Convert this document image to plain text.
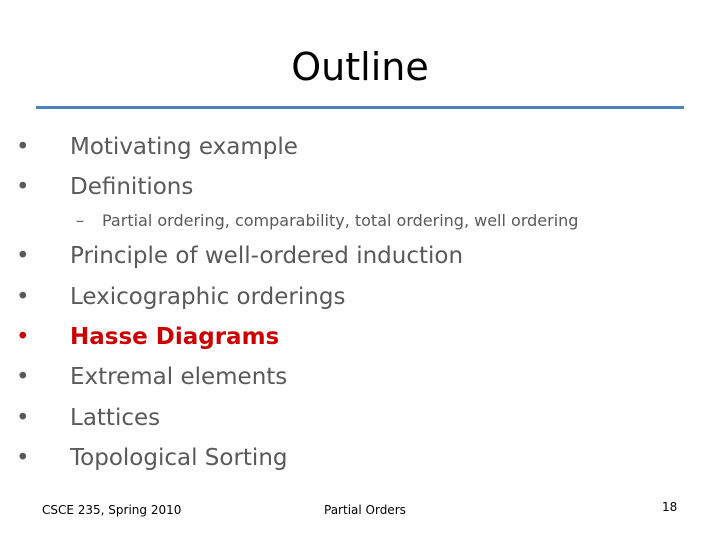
Outline
•	Motivating example
•	Definitions
–	Partial ordering, comparability, total ordering, well ordering
•	Principle of well-ordered induction
•	Lexicographic orderings
•	Hasse Diagrams
•	Extremal elements
•	Lattices
•	Topological Sorting
CSCE 235, Spring 2010	Partial Orders	18
